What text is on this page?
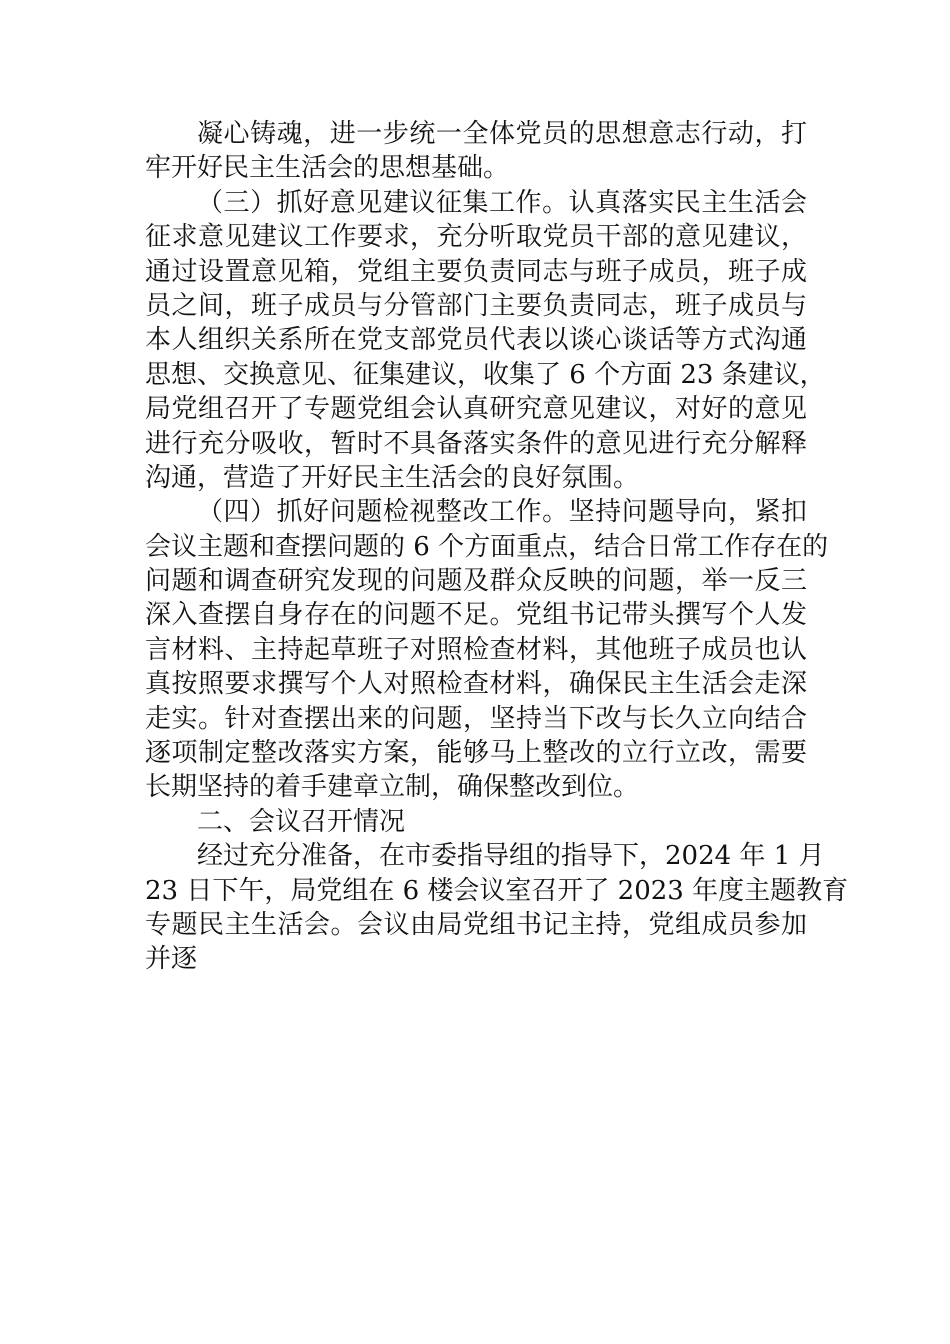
凝心铸魂，进一步统一全体党员的思想意志行动，打
牢开好民主生活会的思想基础。
（三）抓好意见建议征集工作。认真落实民主生活会
征求意见建议工作要求，充分听取党员干部的意见建议，
通过设置意见箱，党组主要负责同志与班子成员，班子成
员之间，班子成员与分管部门主要负责同志，班子成员与
本人组织关系所在党支部党员代表以谈心谈话等方式沟通
思想、交换意见、征集建议，收集了 6 个方面 23 条建议，
局党组召开了专题党组会认真研究意见建议，对好的意见
进行充分吸收，暂时不具备落实条件的意见进行充分解释
沟通，营造了开好民主生活会的良好氛围。
（四）抓好问题检视整改工作。坚持问题导向，紧扣
会议主题和查摆问题的 6 个方面重点，结合日常工作存在的
问题和调查研究发现的问题及群众反映的问题，举一反三
深入查摆自身存在的问题不足。党组书记带头撰写个人发
言材料、主持起草班子对照检查材料，其他班子成员也认
真按照要求撰写个人对照检查材料，确保民主生活会走深
走实。针对查摆出来的问题，坚持当下改与长久立向结合
逐项制定整改落实方案，能够马上整改的立行立改，需要
长期坚持的着手建章立制，确保整改到位。
二、会议召开情况
经过充分准备，在市委指导组的指导下，2024 年 1 月
23 日下午，局党组在 6 楼会议室召开了 2023 年度主题教育
专题民主生活会。会议由局党组书记主持，党组成员参加
并逐
